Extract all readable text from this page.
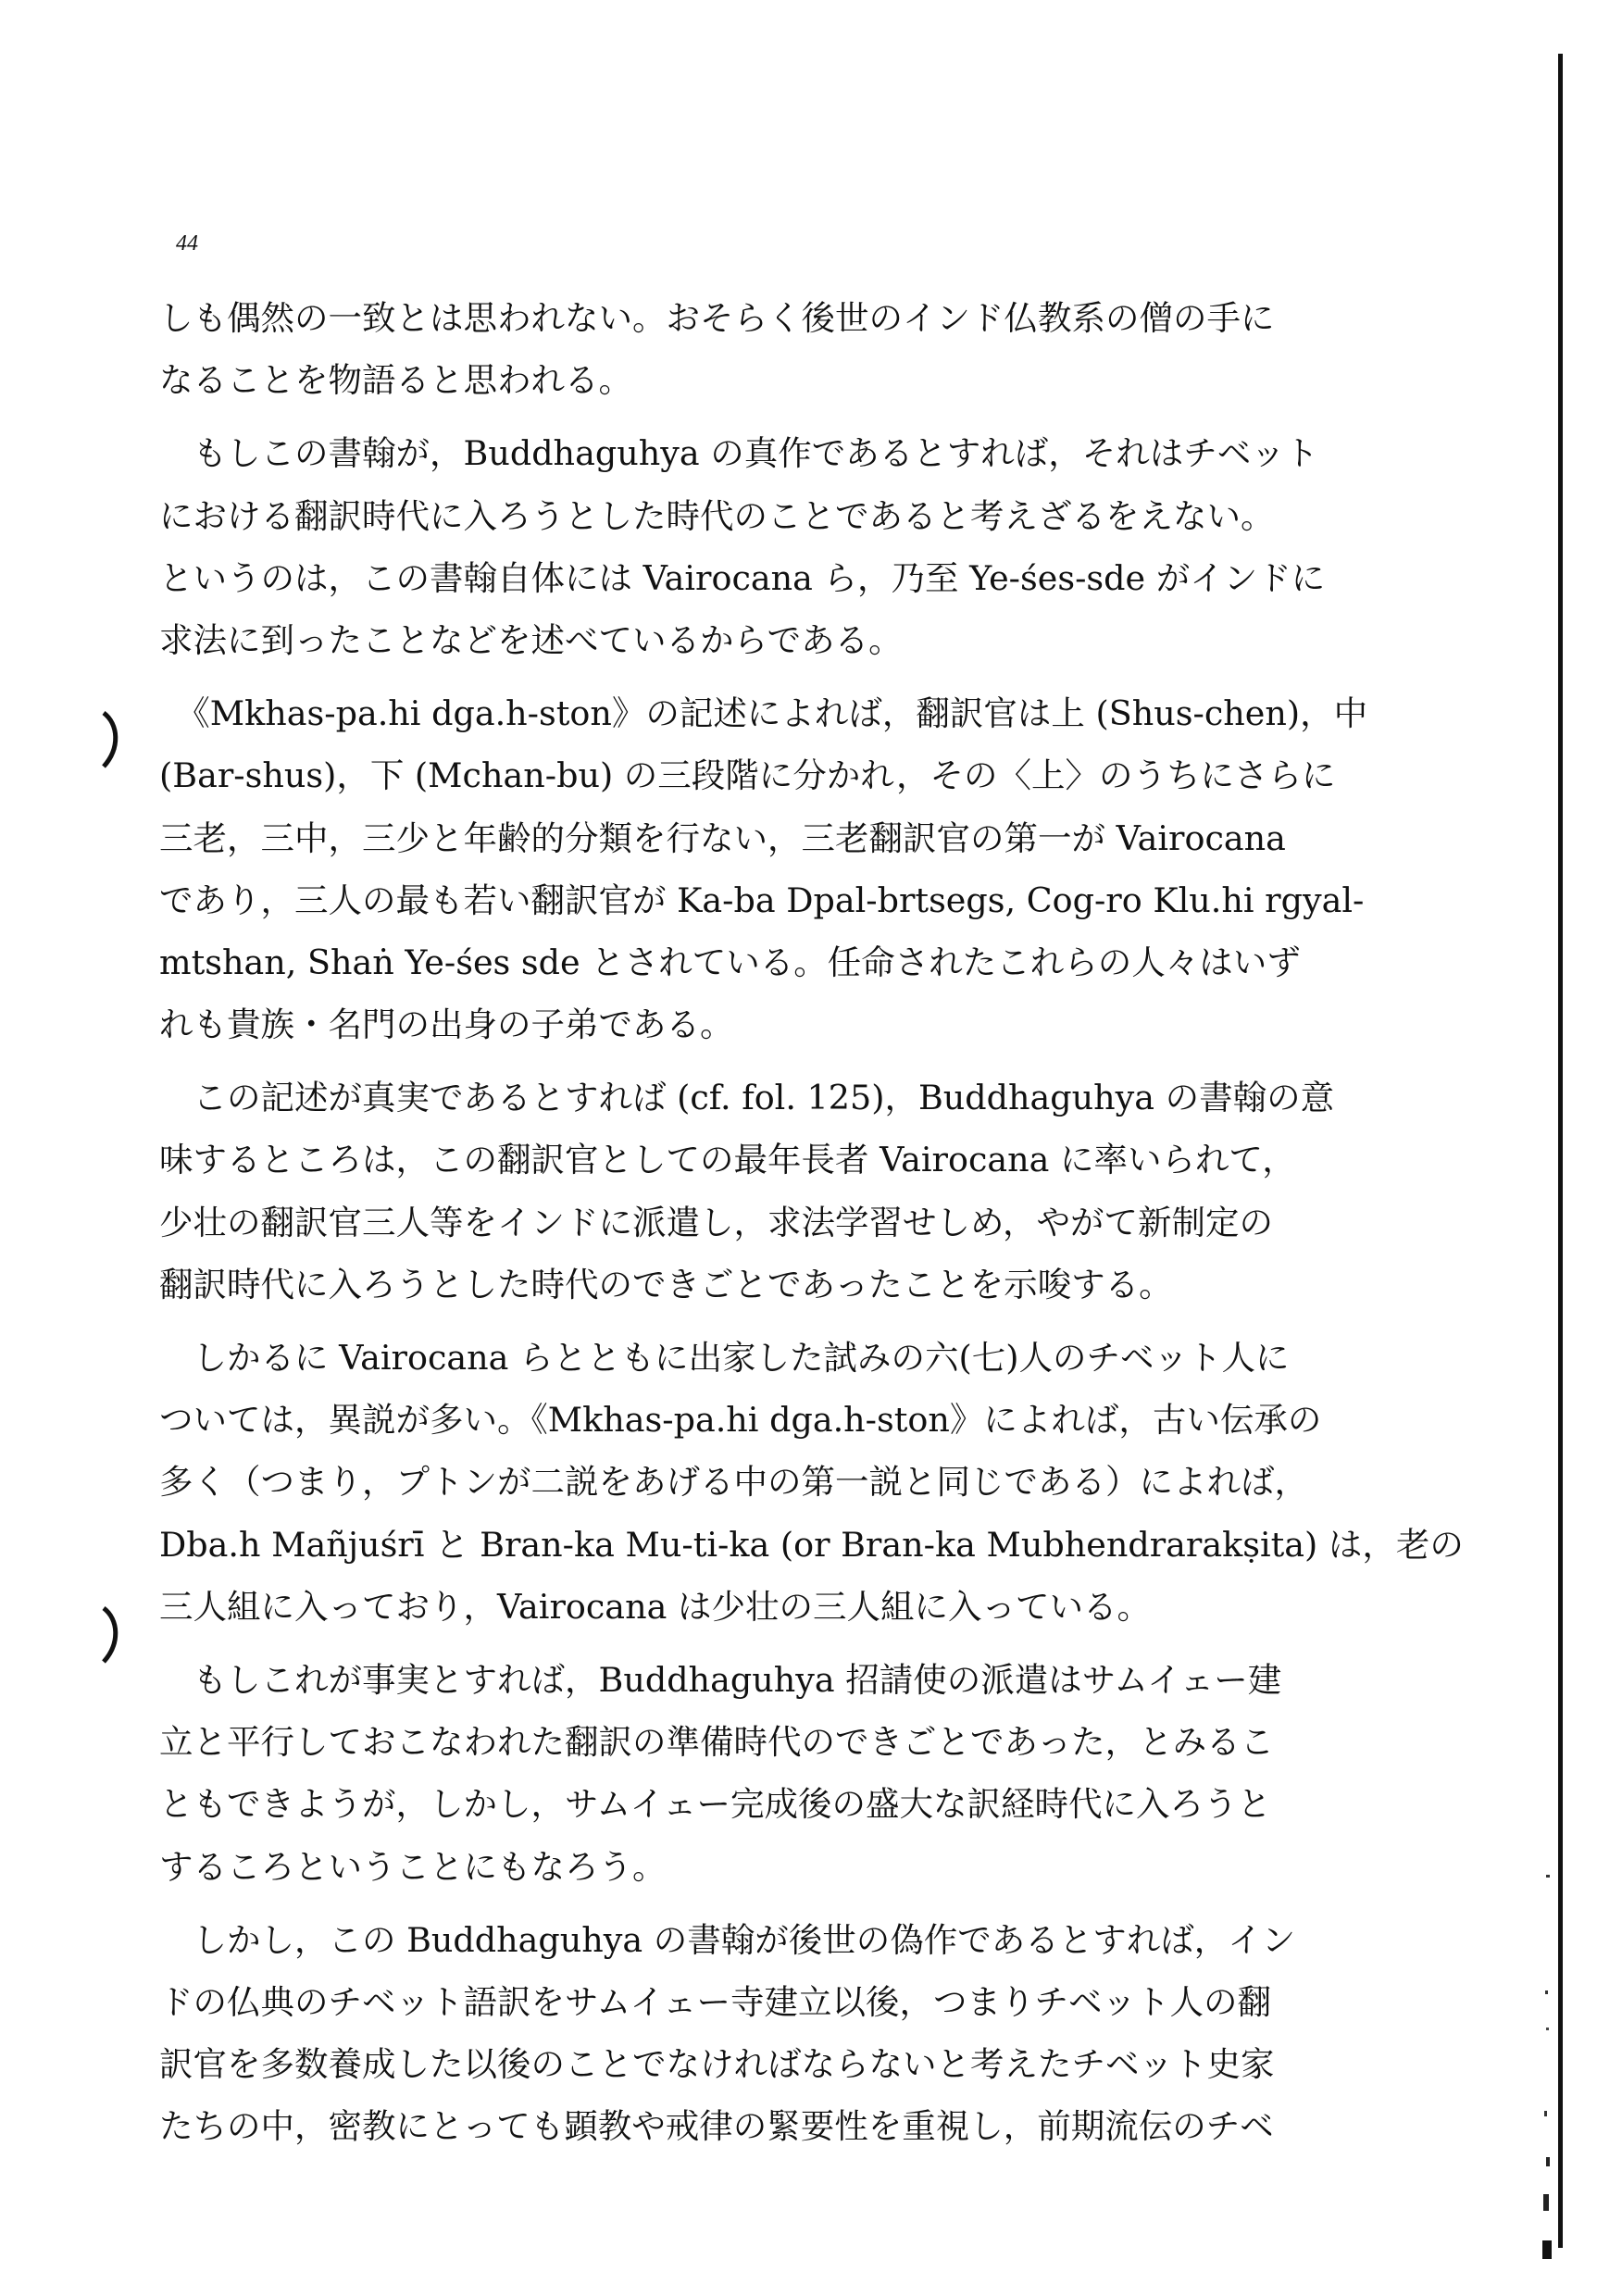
44
しも偶然の一致とは思われない。おそらく後世のインド仏教系の僧の手に
なることを物語ると思われる。
　もしこの書翰が，Buddhaguhya の真作であるとすれば，それはチベット
における翻訳時代に入ろうとした時代のことであると考えざるをえない。
というのは，この書翰自体には Vairocana ら，乃至 Ye-śes-sde がインドに
求法に到ったことなどを述べているからである。
　《Mkhas-pa.hi dga.h-ston》の記述によれば，翻訳官は上 (Shus-chen)，中
(Bar-shus)，下 (Mchan-bu) の三段階に分かれ，その〈上〉のうちにさらに
三老，三中，三少と年齢的分類を行ない，三老翻訳官の第一が Vairocana
であり，三人の最も若い翻訳官が Ka-ba Dpal-brtsegs, Cog-ro Klu.hi rgyal-
mtshan, Shaṅ Ye-śes sde とされている。任命されたこれらの人々はいず
れも貴族・名門の出身の子弟である。
　この記述が真実であるとすれば (cf. fol. 125)，Buddhaguhya の書翰の意
味するところは，この翻訳官としての最年長者 Vairocana に率いられて，
少壮の翻訳官三人等をインドに派遣し，求法学習せしめ，やがて新制定の
翻訳時代に入ろうとした時代のできごとであったことを示唆する。
　しかるに Vairocana らとともに出家した試みの六(七)人のチベット人に
ついては，異説が多い。《Mkhas-pa.hi dga.h-ston》によれば，古い伝承の
多く（つまり，プトンが二説をあげる中の第一説と同じである）によれば，
Dba.h Mañjuśrī と Bran-ka Mu-ti-ka (or Bran-ka Mubhendrarakṣita) は，老の
三人組に入っており，Vairocana は少壮の三人組に入っている。
　もしこれが事実とすれば，Buddhaguhya 招請使の派遣はサムイェー建
立と平行しておこなわれた翻訳の準備時代のできごとであった，とみるこ
ともできようが，しかし，サムイェー完成後の盛大な訳経時代に入ろうと
するころということにもなろう。
　しかし，この Buddhaguhya の書翰が後世の偽作であるとすれば，イン
ドの仏典のチベット語訳をサムイェー寺建立以後，つまりチベット人の翻
訳官を多数養成した以後のことでなければならないと考えたチベット史家
たちの中，密教にとっても顕教や戒律の緊要性を重視し，前期流伝のチベ
